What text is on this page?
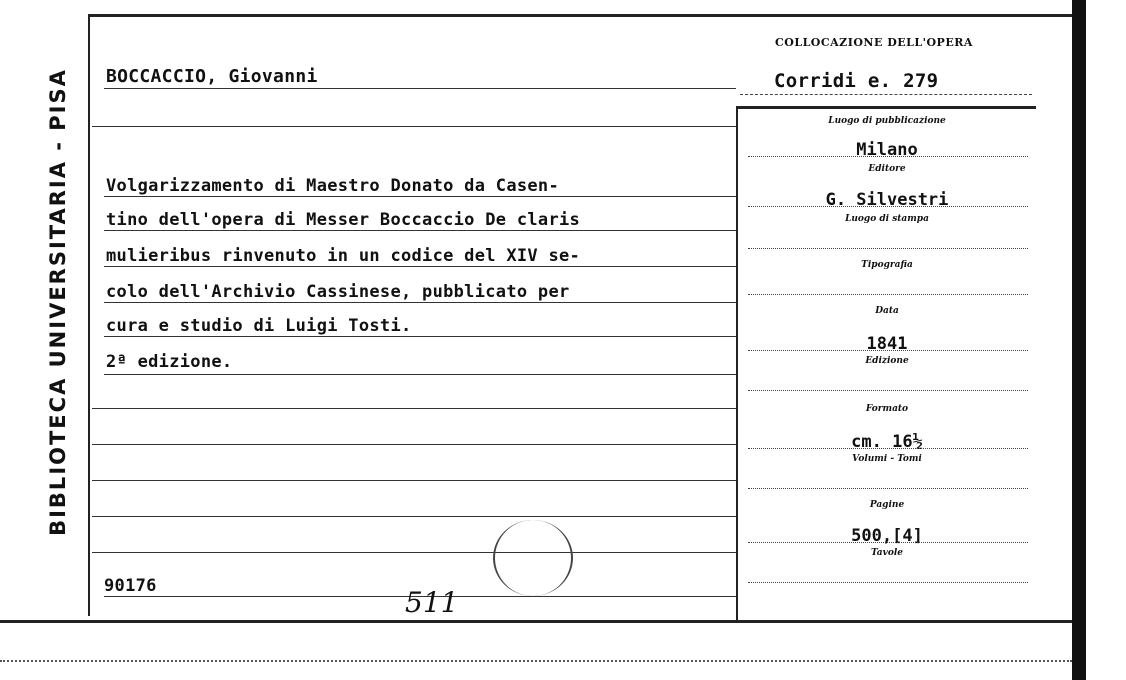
BIBLIOTECA UNIVERSITARIA - PISA BOCCACCIO, Giovanni
COLLOCAZIONE DELL'OPERA
Corridi e. 279
Volgarizzamento di Maestro Donato da Casen-
tino dell'opera di Messer Boccaccio De claris
mulieribus rinvenuto in un codice del XIV se-
colo dell'Archivio Cassinese, pubblicato per
cura e studio di Luigi Tosti.
2ª edizione.
90176	511
Luogo di pubblicazione
Milano
Editore
G. Silvestri
Luogo di stampa
Tipografia
Data
1841
Edizione
Formato
cm. 16½
Volumi - Tomi
Pagine
500,[4]
Tavole
